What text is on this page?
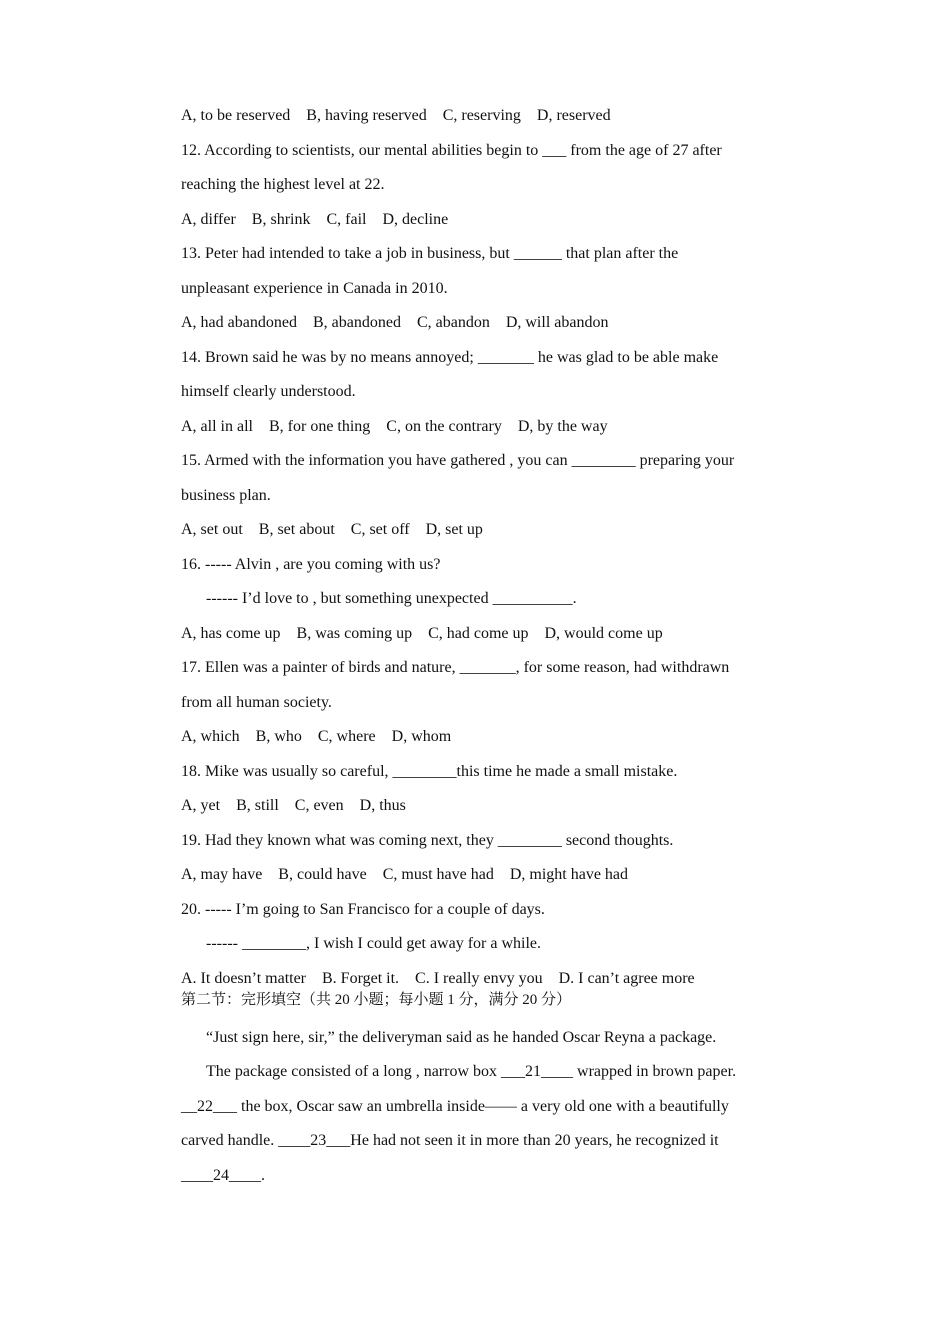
A, to be reserved    B, having reserved    C, reserving    D, reserved

12. According to scientists, our mental abilities begin to ___ from the age of 27 after

reaching the highest level at 22.

A, differ    B, shrink    C, fail    D, decline

13. Peter had intended to take a job in business, but ______ that plan after the

unpleasant experience in Canada in 2010.

A, had abandoned    B, abandoned    C, abandon    D, will abandon

14. Brown said he was by no means annoyed; _______ he was glad to be able make

himself clearly understood.

A, all in all    B, for one thing    C, on the contrary    D, by the way

15. Armed with the information you have gathered , you can ________ preparing your

business plan.

A, set out    B, set about    C, set off    D, set up

16. ----- Alvin , are you coming with us?

------ I’d love to , but something unexpected __________.

A, has come up    B, was coming up    C, had come up    D, would come up

17. Ellen was a painter of birds and nature, _______, for some reason, had withdrawn

from all human society.

A, which    B, who    C, where    D, whom

18. Mike was usually so careful, ________this time he made a small mistake.

A, yet    B, still    C, even    D, thus

19. Had they known what was coming next, they ________ second thoughts.

A, may have    B, could have    C, must have had    D, might have had

20. ----- I’m going to San Francisco for a couple of days.

------ ________, I wish I could get away for a while.

A. It doesn’t matter    B. Forget it.    C. I really envy you    D. I can’t agree more

第二节：完形填空（共 20 小题；每小题 1 分，满分 20 分）

“Just sign here, sir,” the deliveryman said as he handed Oscar Reyna a package.

The package consisted of a long , narrow box ___21____ wrapped in brown paper.

__22___ the box, Oscar saw an umbrella inside—— a very old one with a beautifully

carved handle. ____23___He had not seen it in more than 20 years, he recognized it

____24____.
